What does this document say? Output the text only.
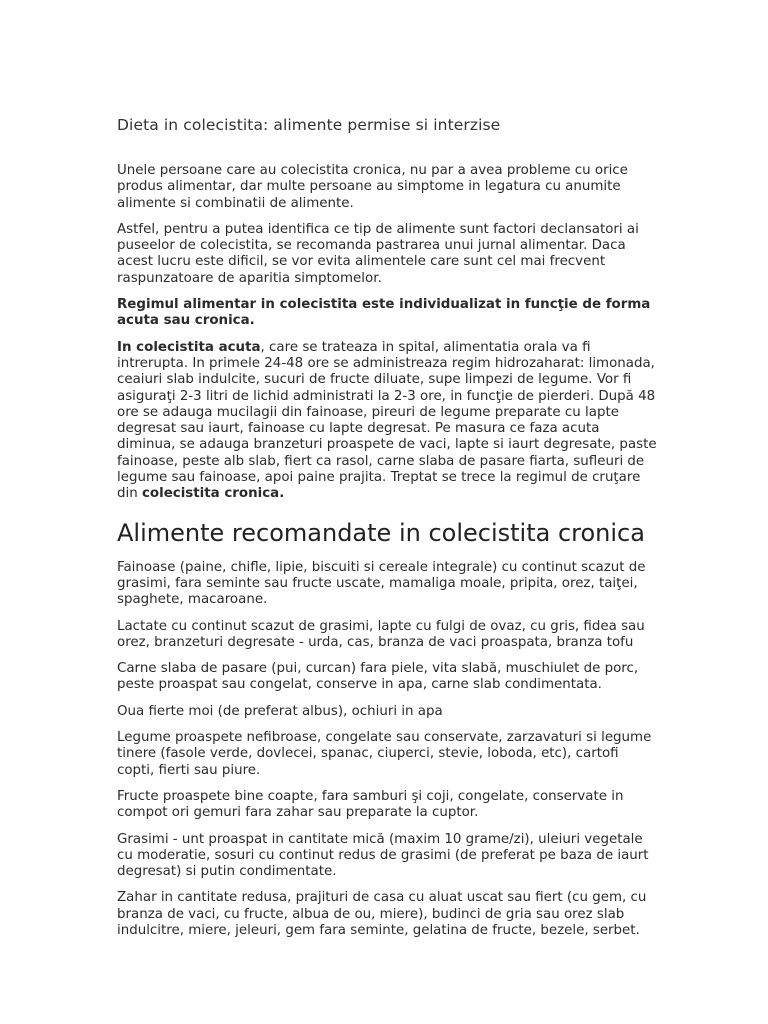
Dieta in colecistita: alimente permise si interzise

Unele persoane care au colecistita cronica, nu par a avea probleme cu orice produs alimentar, dar multe persoane au simptome in legatura cu anumite alimente si combinatii de alimente.

Astfel, pentru a putea identifica ce tip de alimente sunt factori declansatori ai puseelor de colecistita, se recomanda pastrarea unui jurnal alimentar. Daca acest lucru este dificil, se vor evita alimentele care sunt cel mai frecvent raspunzatoare de aparitia simptomelor.

Regimul alimentar in colecistita este individualizat in funcţie de forma acuta sau cronica.

In colecistita acuta, care se trateaza in spital, alimentatia orala va fi intrerupta. In primele 24-48 ore se administreaza regim hidrozaharat: limonada, ceaiuri slab indulcite, sucuri de fructe diluate, supe limpezi de legume. Vor fi asiguraţi 2-3 litri de lichid administrati la 2-3 ore, in funcţie de pierderi. După 48 ore se adauga mucilagii din fainoase, pireuri de legume preparate cu lapte degresat sau iaurt, fainoase cu lapte degresat. Pe masura ce faza acuta diminua, se adauga branzeturi proaspete de vaci, lapte si iaurt degresate, paste fainoase, peste alb slab, fiert ca rasol, carne slaba de pasare fiarta, sufleuri de legume sau fainoase, apoi paine prajita. Treptat se trece la regimul de cruţare din colecistita cronica.

Alimente recomandate in colecistita cronica

Fainoase (paine, chifle, lipie, biscuiti si cereale integrale) cu continut scazut de grasimi, fara seminte sau fructe uscate, mamaliga moale, pripita, orez, taiţei, spaghete, macaroane.

Lactate cu continut scazut de grasimi, lapte cu fulgi de ovaz, cu gris, fidea sau orez, branzeturi degresate - urda, cas, branza de vaci proaspata, branza tofu

Carne slaba de pasare (pui, curcan) fara piele, vita slabă, muschiulet de porc, peste proaspat sau congelat, conserve in apa, carne slab condimentata.

Oua fierte moi (de preferat albus), ochiuri in apa

Legume proaspete nefibroase, congelate sau conservate, zarzavaturi si legume tinere (fasole verde, dovlecei, spanac, ciuperci, stevie, loboda, etc), cartofi copti, fierti sau piure.

Fructe proaspete bine coapte, fara samburi şi coji, congelate, conservate in compot ori gemuri fara zahar sau preparate la cuptor.

Grasimi - unt proaspat in cantitate mică (maxim 10 grame/zi), uleiuri vegetale cu moderatie, sosuri cu continut redus de grasimi (de preferat pe baza de iaurt degresat) si putin condimentate.

Zahar in cantitate redusa, prajituri de casa cu aluat uscat sau fiert (cu gem, cu branza de vaci, cu fructe, albua de ou, miere), budinci de gria sau orez slab indulcitre, miere, jeleuri, gem fara seminte, gelatina de fructe, bezele, serbet.
